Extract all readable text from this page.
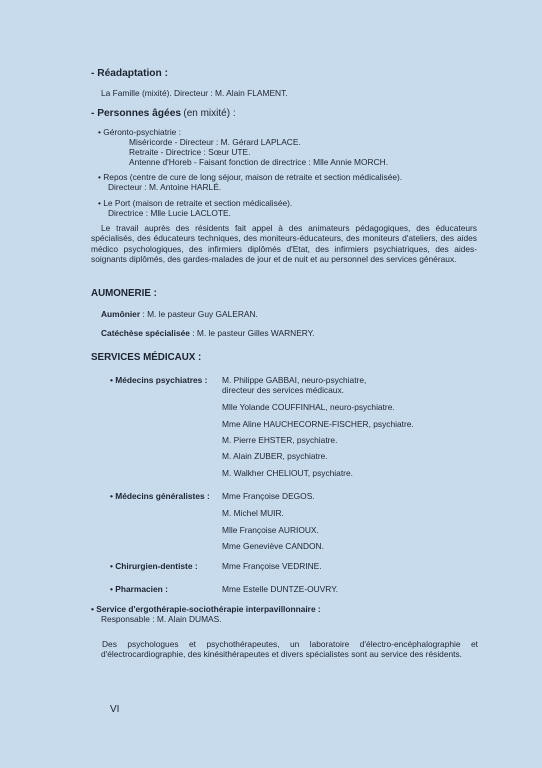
- Réadaptation :
La Famille (mixité). Directeur : M. Alain FLAMENT.
- Personnes âgées (en mixité) :
• Géronto-psychiatrie :
Miséricorde - Directeur : M. Gérard LAPLACE.
Retraite - Directrice : Sœur UTE.
Antenne d'Horeb - Faisant fonction de directrice : Mlle Annie MORCH.
• Repos (centre de cure de long séjour, maison de retraite et section médicalisée).
Directeur : M. Antoine HARLÉ.
• Le Port (maison de retraite et section médicalisée).
Directrice : Mlle Lucie LACLOTE.
Le travail auprès des résidents fait appel à des animateurs pédagogiques, des éducateurs spécialisés, des éducateurs techniques, des moniteurs-éducateurs, des moniteurs d'ateliers, des aides médico psychologiques, des infirmiers diplômés d'Etat, des infirmiers psychiatriques, des aides-soignants diplômés, des gardes-malades de jour et de nuit et au personnel des services généraux.
AUMONERIE :
Aumônier : M. le pasteur Guy GALERAN.
Catéchèse spécialisée : M. le pasteur Gilles WARNERY.
SERVICES MÉDICAUX :
• Médecins psychiatres : M. Philippe GABBAI, neuro-psychiatre,
directeur des services médicaux.
Mlle Yolande COUFFINHAL, neuro-psychiatre.
Mme Aline HAUCHECORNE-FISCHER, psychiatre.
M. Pierre EHSTER, psychiatre.
M. Alain ZUBER, psychiatre.
M. Walkher CHELIOUT, psychiatre.
• Médecins généralistes : Mme Françoise DEGOS.
M. Michel MUIR.
Mlle Françoise AURIOUX.
Mme Geneviève CANDON.
• Chirurgien-dentiste :	Mme Françoise VEDRINE.
• Pharmacien :	Mme Estelle DUNTZE-OUVRY.
• Service d'ergothérapie-sociothérapie interpavillonnaire :
Responsable : M. Alain DUMAS.
Des psychologues et psychothérapeutes, un laboratoire d'électro-encéphalographie et d'électrocardiographie, des kinésithérapeutes et divers spécialistes sont au service des résidents.
VI
